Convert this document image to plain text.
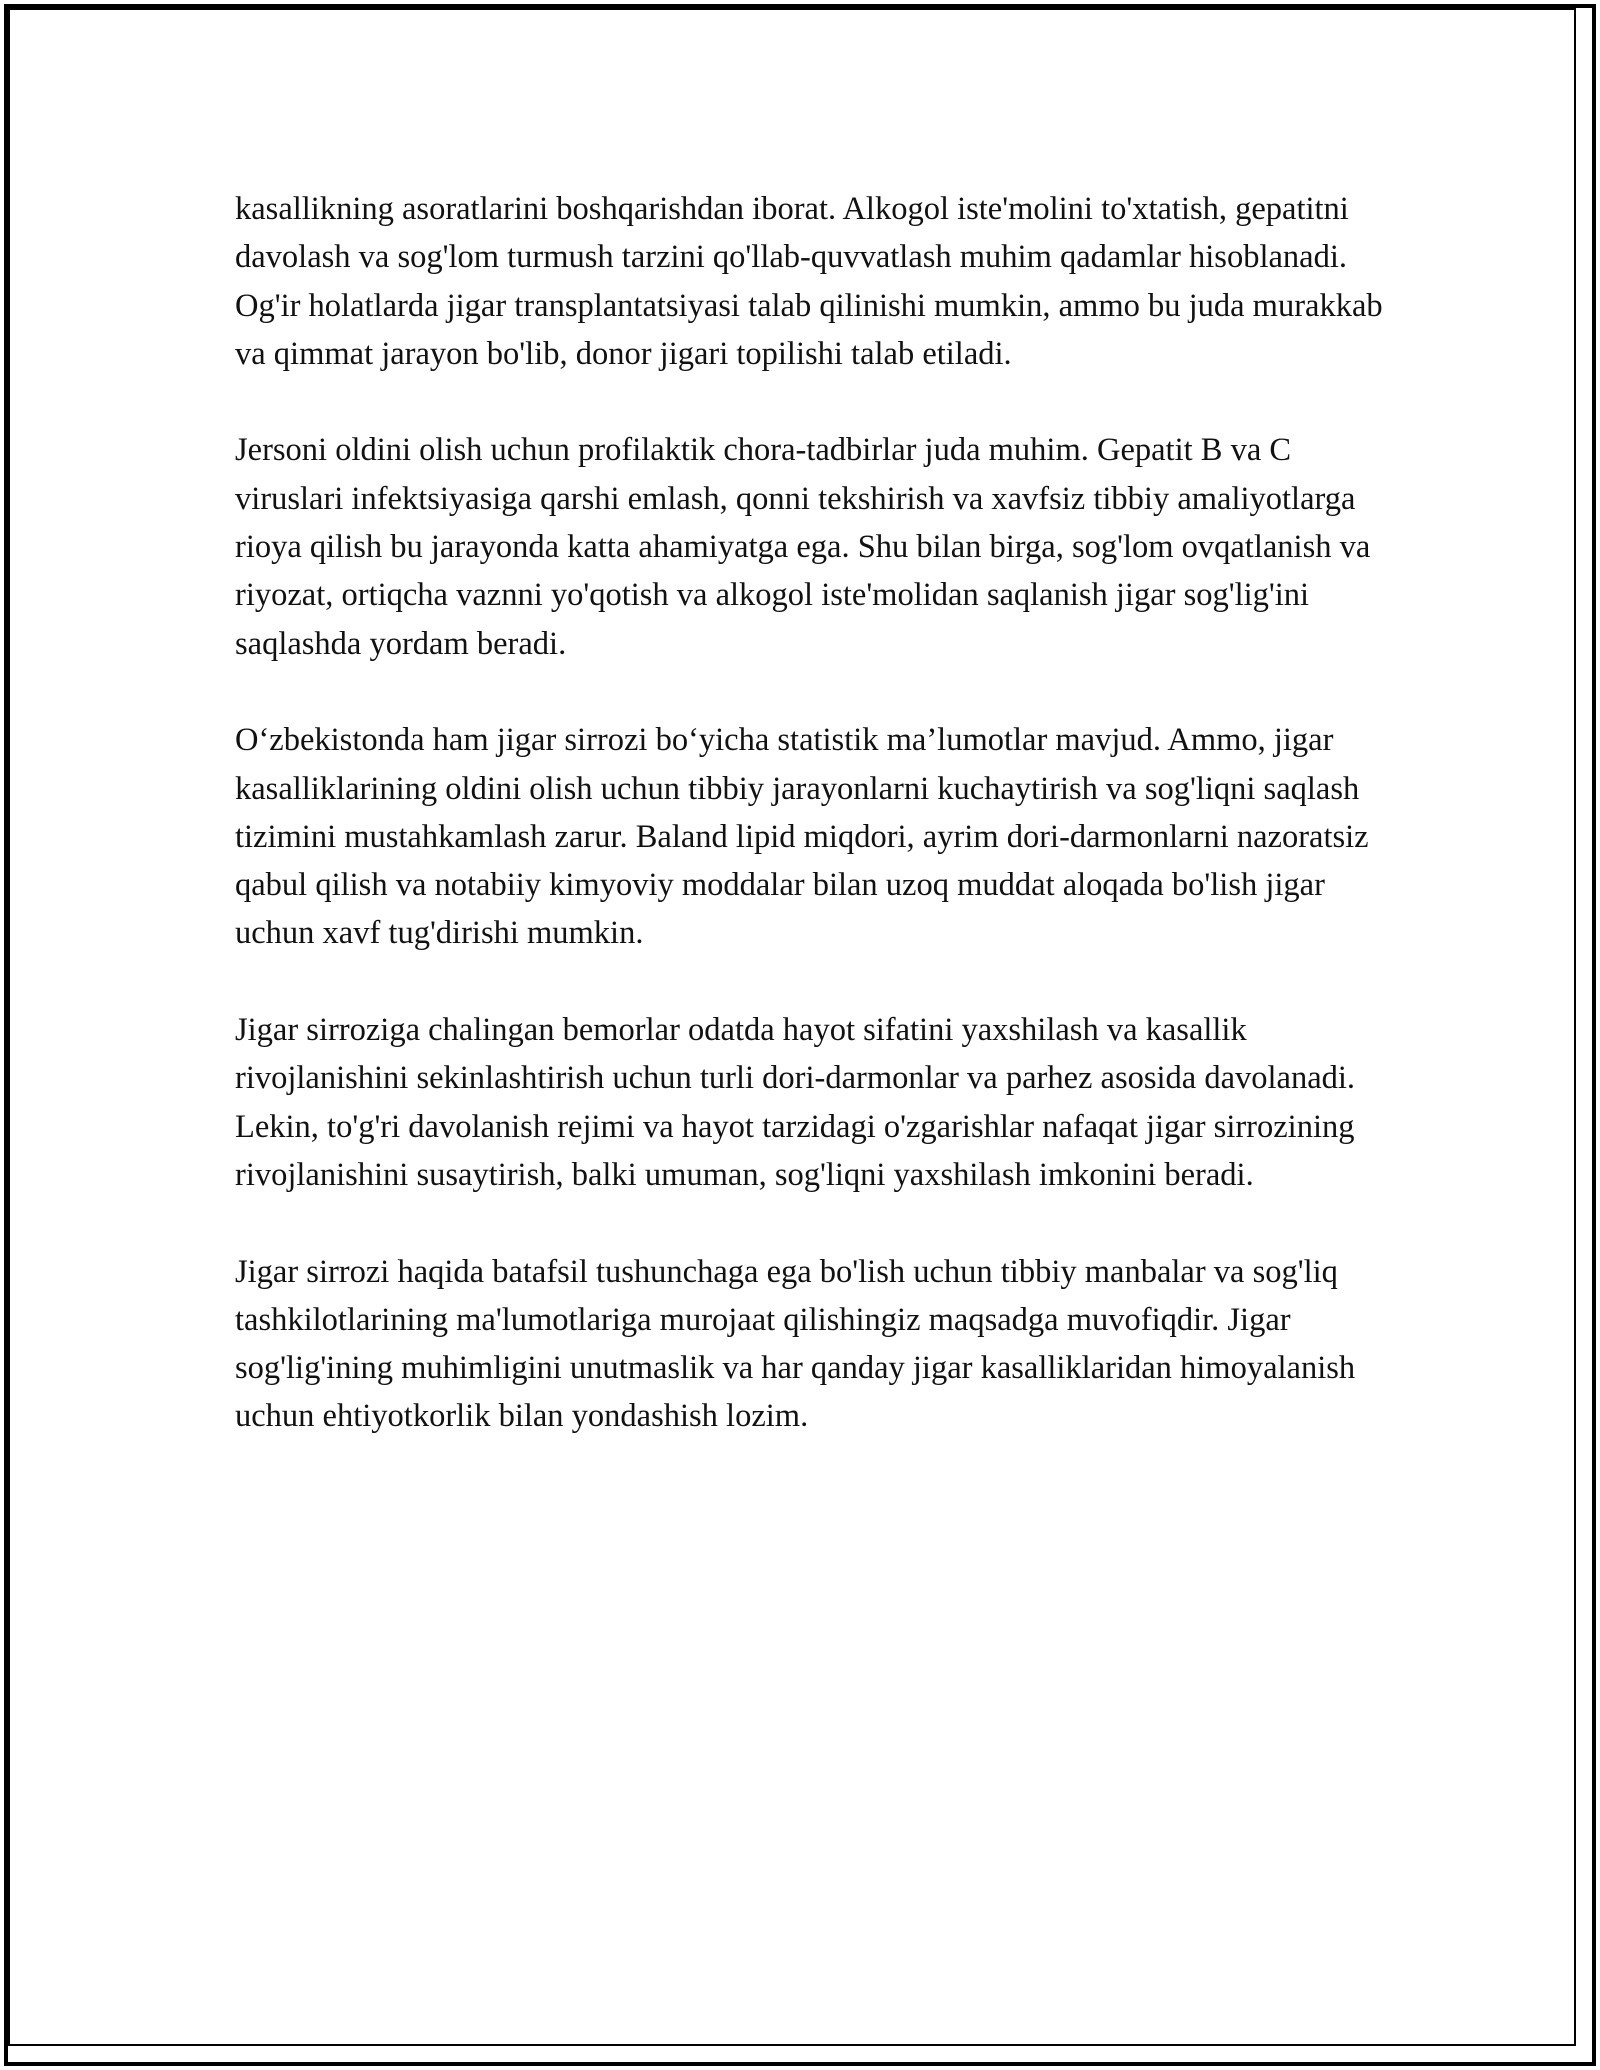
kasallikning asoratlarini boshqarishdan iborat. Alkogol iste'molini to'xtatish, gepatitni davolash va sog'lom turmush tarzini qo'llab-quvvatlash muhim qadamlar hisoblanadi. Og'ir holatlarda jigar transplantatsiyasi talab qilinishi mumkin, ammo bu juda murakkab va qimmat jarayon bo'lib, donor jigari topilishi talab etiladi.

Jersoni oldini olish uchun profilaktik chora-tadbirlar juda muhim. Gepatit B va C viruslari infektsiyasiga qarshi emlash, qonni tekshirish va xavfsiz tibbiy amaliyotlarga rioya qilish bu jarayonda katta ahamiyatga ega. Shu bilan birga, sog'lom ovqatlanish va riyozat, ortiqcha vaznni yo'qotish va alkogol iste'molidan saqlanish jigar sog'lig'ini saqlashda yordam beradi.

O‘zbekistonda ham jigar sirrozi bo‘yicha statistik ma’lumotlar mavjud. Ammo, jigar kasalliklarining oldini olish uchun tibbiy jarayonlarni kuchaytirish va sog'liqni saqlash tizimini mustahkamlash zarur. Baland lipid miqdori, ayrim dori-darmonlarni nazoratsiz qabul qilish va notabiiy kimyoviy moddalar bilan uzoq muddat aloqada bo'lish jigar uchun xavf tug'dirishi mumkin.

Jigar sirroziga chalingan bemorlar odatda hayot sifatini yaxshilash va kasallik rivojlanishini sekinlashtirish uchun turli dori-darmonlar va parhez asosida davolanadi. Lekin, to'g'ri davolanish rejimi va hayot tarzidagi o'zgarishlar nafaqat jigar sirrozining rivojlanishini susaytirish, balki umuman, sog'liqni yaxshilash imkonini beradi.

Jigar sirrozi haqida batafsil tushunchaga ega bo'lish uchun tibbiy manbalar va sog'liq tashkilotlarining ma'lumotlariga murojaat qilishingiz maqsadga muvofiqdir. Jigar sog'lig'ining muhimligini unutmaslik va har qanday jigar kasalliklaridan himoyalanish uchun ehtiyotkorlik bilan yondashish lozim.
